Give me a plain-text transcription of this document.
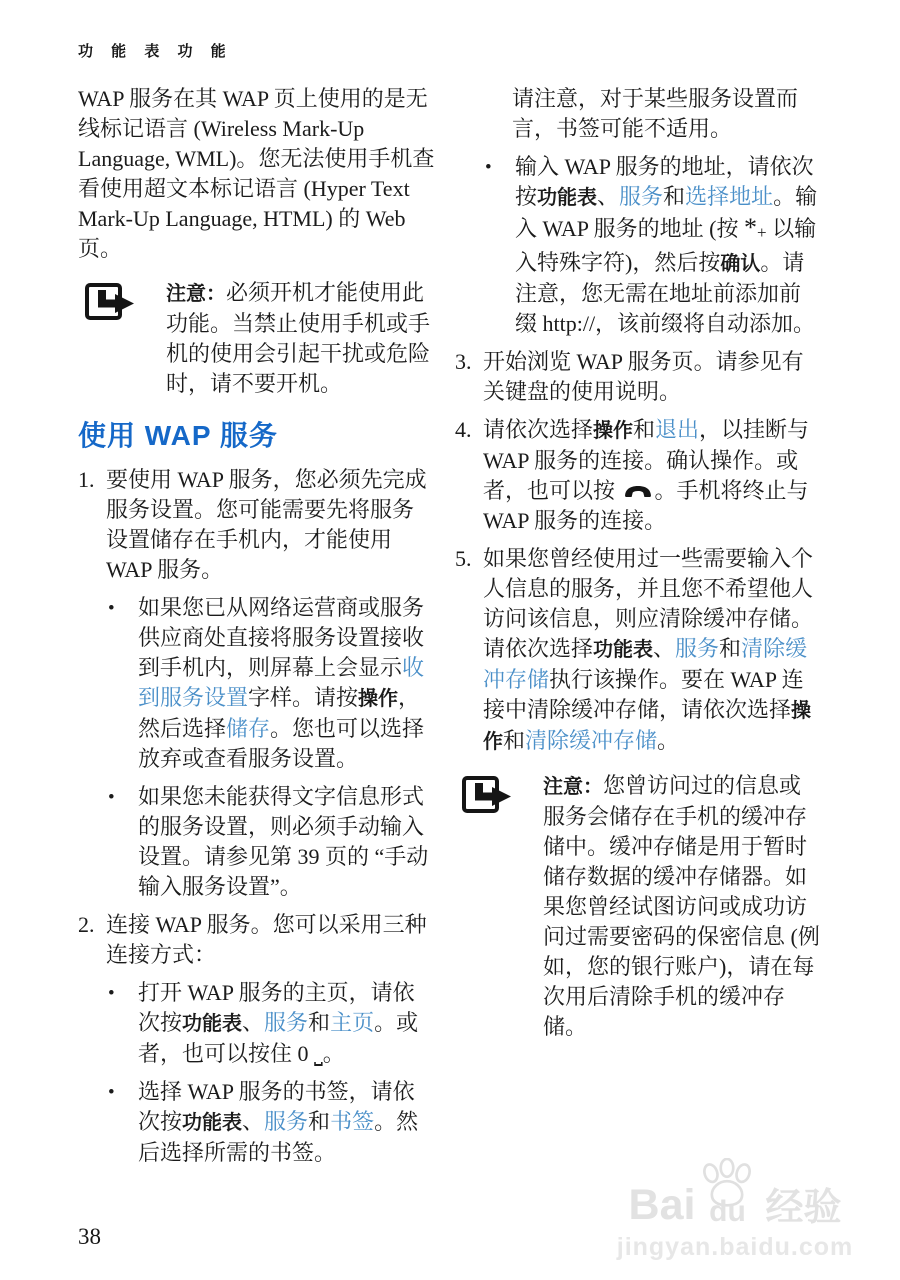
功 能 表 功 能

WAP 服务在其 WAP 页上使用的是无线标记语言 (Wireless Mark-Up Language, WML)。您无法使用手机查看使用超文本标记语言 (Hyper Text Mark-Up Language, HTML) 的 Web 页。

注意：必须开机才能使用此功能。当禁止使用手机或手机的使用会引起干扰或危险时，请不要开机。

使用 WAP 服务
1. 要使用 WAP 服务，您必须先完成服务设置。您可能需要先将服务设置储存在手机内，才能使用 WAP 服务。

•	如果您已从网络运营商或服务供应商处直接将服务设置接收到手机内，则屏幕上会显示收到服务设置字样。请按操作，然后选择储存。您也可以选择放弃或查看服务设置。

•	如果您未能获得文字信息形式的服务设置，则必须手动输入设置。请参见第 39 页的 “手动输入服务设置”。

2. 连接 WAP 服务。您可以采用三种连接方式：

•	打开 WAP 服务的主页，请依次按功能表、服务和主页。或者，也可以按住 0 ⎵。

•	选择 WAP 服务的书签，请依次按功能表、服务和书签。然后选择所需的书签。

请注意，对于某些服务设置而言，书签可能不适用。

•	输入 WAP 服务的地址，请依次按功能表、服务和选择地址。输入 WAP 服务的地址 (按 *+ 以输入特殊字符)，然后按确认。请注意，您无需在地址前添加前缀 http://，该前缀将自动添加。

3. 开始浏览 WAP 服务页。请参见有关键盘的使用说明。

4. 请依次选择操作和退出，以挂断与 WAP 服务的连接。确认操作。或者，也可以按 。手机将终止与 WAP 服务的连接。

5. 如果您曾经使用过一些需要输入个人信息的服务，并且您不希望他人访问该信息，则应清除缓冲存储。请依次选择功能表、服务和清除缓冲存储执行该操作。要在 WAP 连接中清除缓冲存储，请依次选择操作和清除缓冲存储。

注意：您曾访问过的信息或服务会储存在手机的缓冲存储中。缓冲存储是用于暂时储存数据的缓冲存储器。如果您曾经试图访问或成功访问过需要密码的保密信息 (例如，您的银行账户)，请在每次用后清除手机的缓冲存储。

38
Bai du 经验
jingyan.baidu.com
